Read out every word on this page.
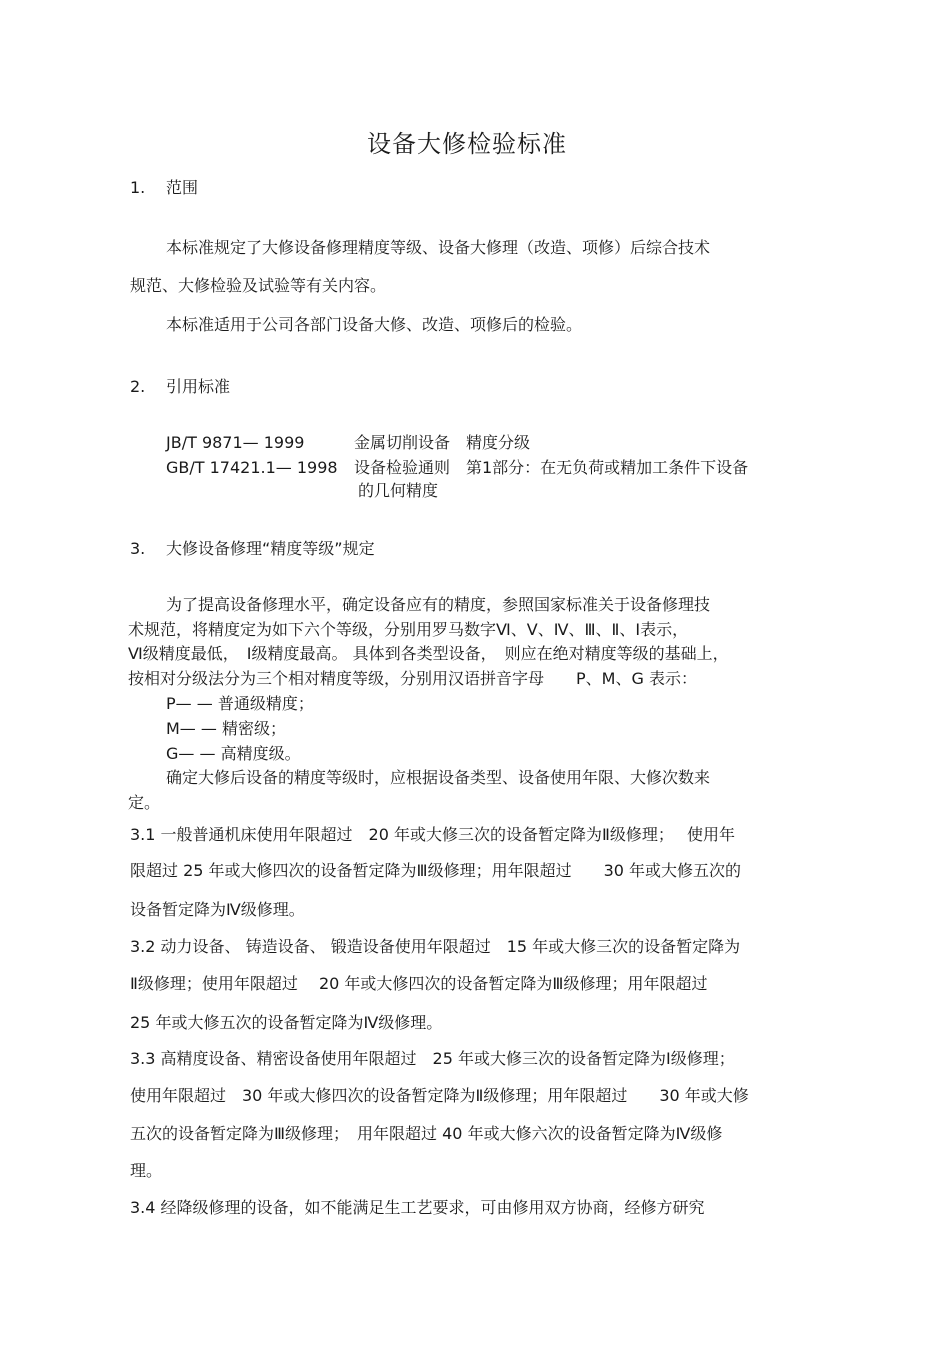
设备大修检验标准
1. 范围
本标准规定了大修设备修理精度等级、设备大修理（改造、项修）后综合技术
规范、大修检验及试验等有关内容。
本标准适用于公司各部门设备大修、改造、项修后的检验。
2. 引用标准
JB/T 9871— 1999	金属切削设备　精度分级
GB/T 17421.1— 1998 设备检验通则　第1部分：在无负荷或精加工条件下设备
的几何精度
3. 大修设备修理“精度等级”规定
为了提高设备修理水平，确定设备应有的精度，参照国家标准关于设备修理技
术规范，将精度定为如下六个等级，分别用罗马数字Ⅵ、Ⅴ、Ⅳ、Ⅲ、Ⅱ、Ⅰ表示，
Ⅵ级精度最低，　Ⅰ级精度最高。 具体到各类型设备，　则应在绝对精度等级的基础上，
按相对分级法分为三个相对精度等级，分别用汉语拼音字母　　P、M、G 表示：
P— — 普通级精度；
M— — 精密级；
G— — 高精度级。
确定大修后设备的精度等级时，应根据设备类型、设备使用年限、大修次数来
定。
3.1 一般普通机床使用年限超过　20 年或大修三次的设备暂定降为Ⅱ级修理；　 使用年
限超过 25 年或大修四次的设备暂定降为Ⅲ级修理；用年限超过　　30 年或大修五次的
设备暂定降为Ⅳ级修理。
3.2 动力设备、 铸造设备、 锻造设备使用年限超过　15 年或大修三次的设备暂定降为
Ⅱ级修理；使用年限超过　 20 年或大修四次的设备暂定降为Ⅲ级修理；用年限超过
25 年或大修五次的设备暂定降为Ⅳ级修理。
3.3 高精度设备、精密设备使用年限超过　25 年或大修三次的设备暂定降为Ⅰ级修理；
使用年限超过　30 年或大修四次的设备暂定降为Ⅱ级修理；用年限超过　　30 年或大修
五次的设备暂定降为Ⅲ级修理；　用年限超过 40 年或大修六次的设备暂定降为Ⅳ级修
理。
3.4 经降级修理的设备，如不能满足生工艺要求，可由修用双方协商，经修方研究
